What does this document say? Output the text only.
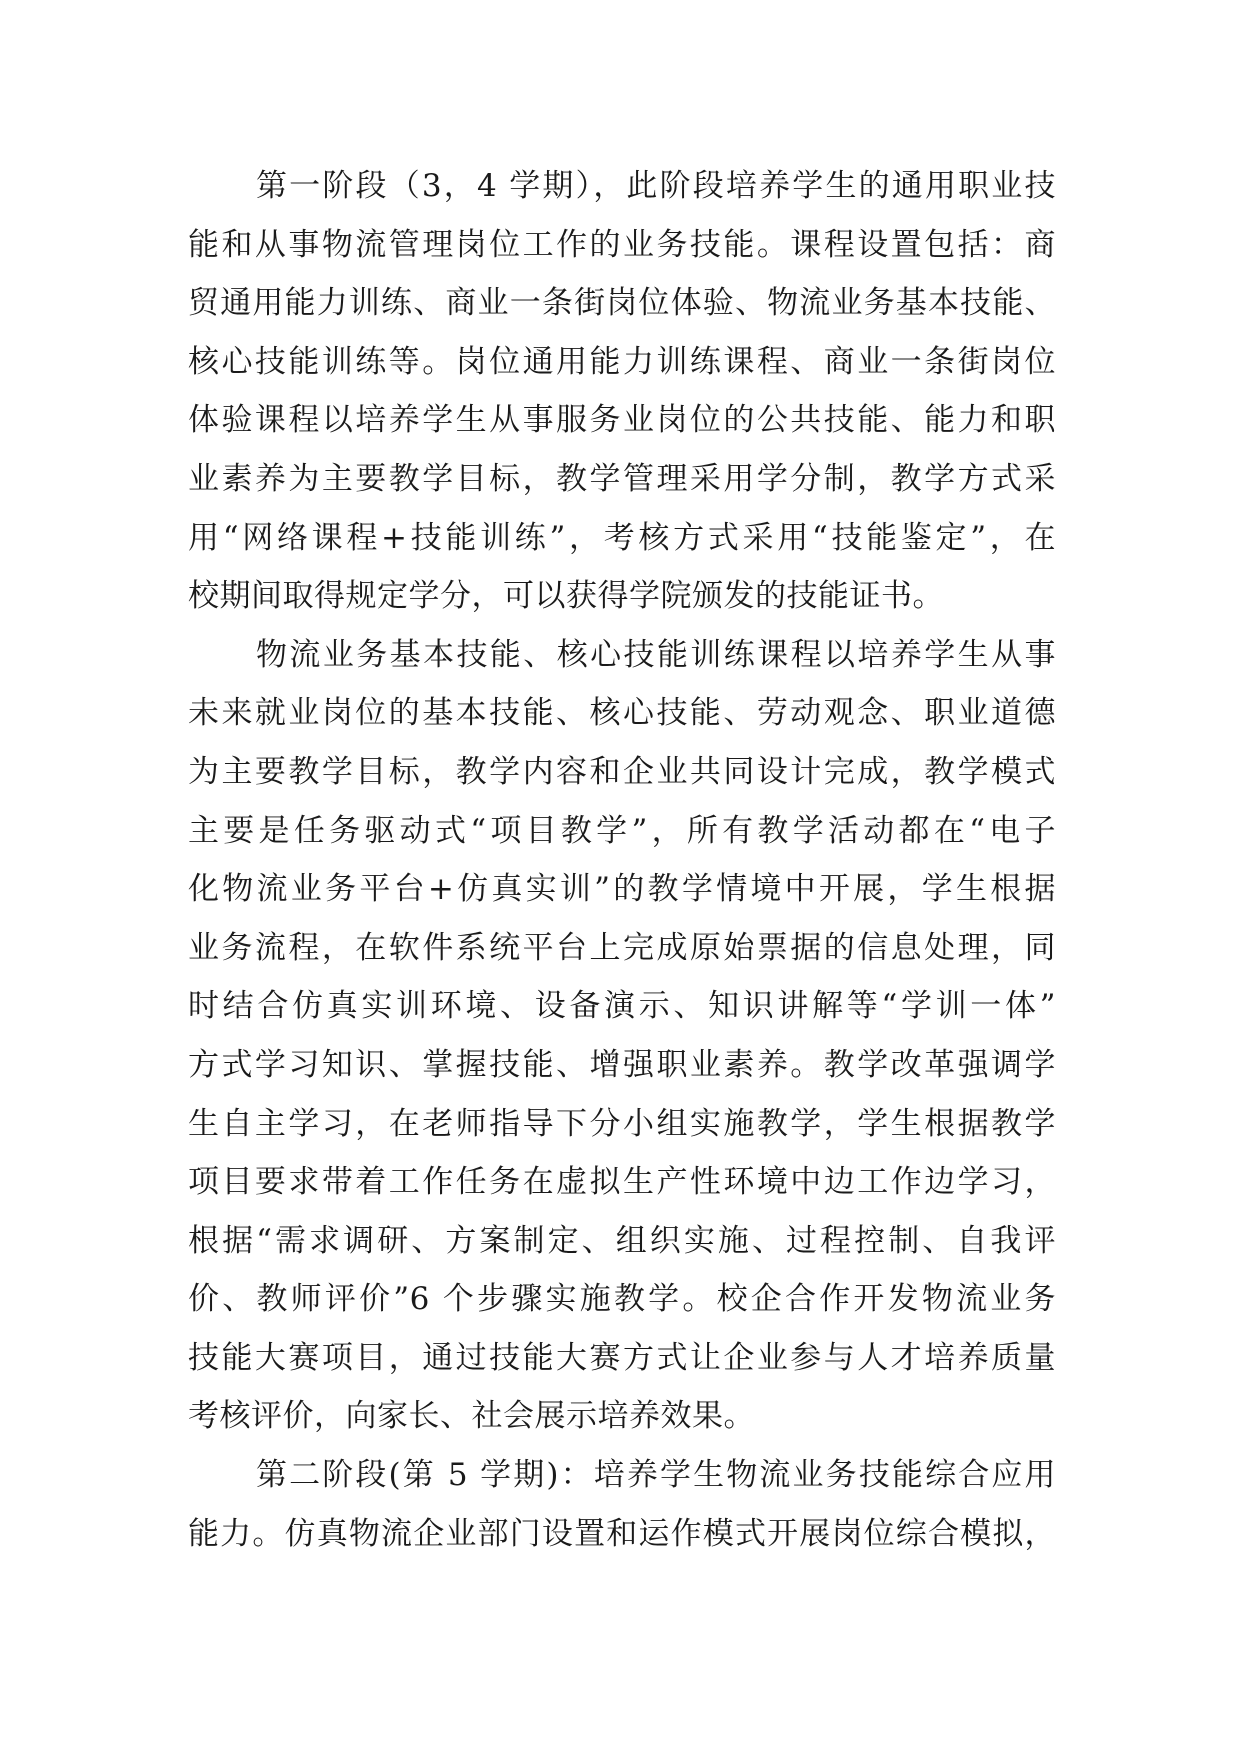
第一阶段（3，4 学期），此阶段培养学生的通用职业技
能和从事物流管理岗位工作的业务技能。课程设置包括：商
贸通用能力训练、商业一条街岗位体验、物流业务基本技能、
核心技能训练等。岗位通用能力训练课程、商业一条街岗位
体验课程以培养学生从事服务业岗位的公共技能、能力和职
业素养为主要教学目标，教学管理采用学分制，教学方式采
用“网络课程+技能训练”，考核方式采用“技能鉴定”，在
校期间取得规定学分，可以获得学院颁发的技能证书。
物流业务基本技能、核心技能训练课程以培养学生从事
未来就业岗位的基本技能、核心技能、劳动观念、职业道德
为主要教学目标，教学内容和企业共同设计完成，教学模式
主要是任务驱动式“项目教学”，所有教学活动都在“电子
化物流业务平台+仿真实训”的教学情境中开展，学生根据
业务流程，在软件系统平台上完成原始票据的信息处理，同
时结合仿真实训环境、设备演示、知识讲解等“学训一体”
方式学习知识、掌握技能、增强职业素养。教学改革强调学
生自主学习，在老师指导下分小组实施教学，学生根据教学
项目要求带着工作任务在虚拟生产性环境中边工作边学习，
根据“需求调研、方案制定、组织实施、过程控制、自我评
价、教师评价”6 个步骤实施教学。校企合作开发物流业务
技能大赛项目，通过技能大赛方式让企业参与人才培养质量
考核评价，向家长、社会展示培养效果。
第二阶段(第 5 学期)：培养学生物流业务技能综合应用
能力。仿真物流企业部门设置和运作模式开展岗位综合模拟，
